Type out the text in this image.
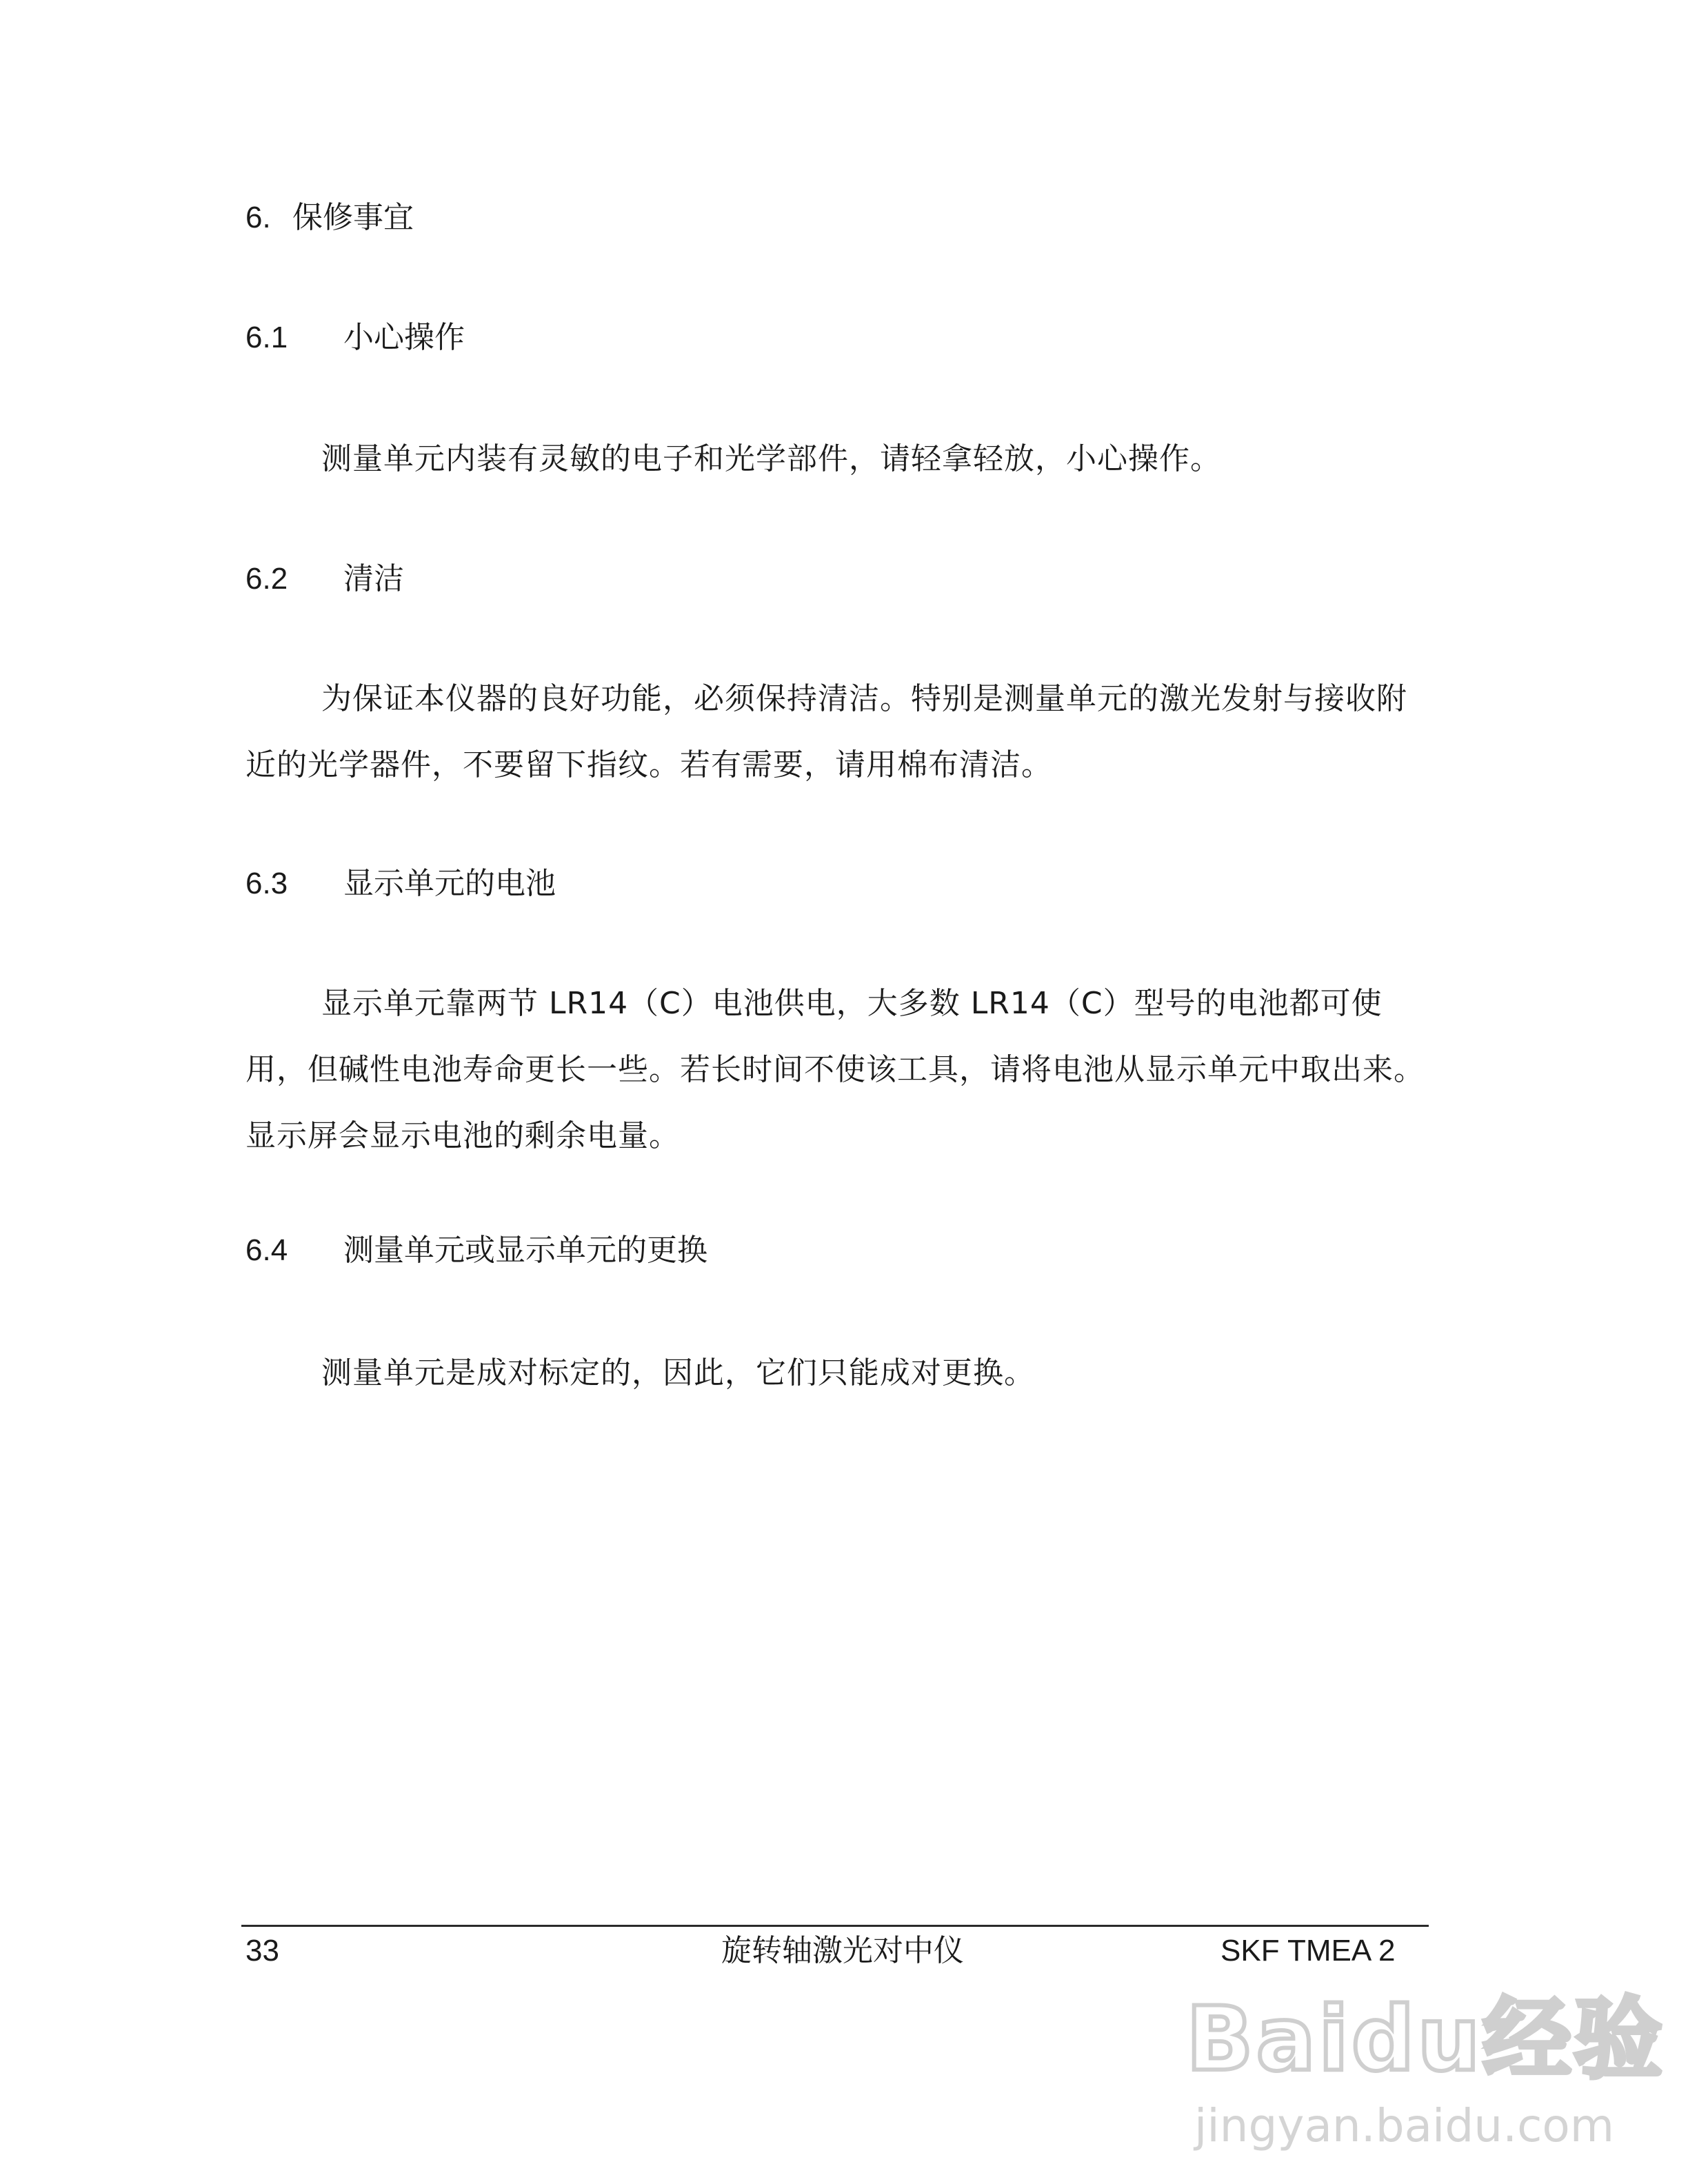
6. 保修事宜
6.1 小心操作
测量单元内装有灵敏的电子和光学部件，请轻拿轻放，小心操作。
6.2 清洁
为保证本仪器的良好功能，必须保持清洁。特别是测量单元的激光发射与接收附近的光学器件，不要留下指纹。若有需要，请用棉布清洁。
6.3 显示单元的电池
显示单元靠两节 LR14（C）电池供电，大多数 LR14（C）型号的电池都可使用，但碱性电池寿命更长一些。若长时间不使该工具，请将电池从显示单元中取出来。显示屏会显示电池的剩余电量。
6.4 测量单元或显示单元的更换
测量单元是成对标定的，因此，它们只能成对更换。
33	旋转轴激光对中仪	SKF TMEA 2
Baidu经验
jingyan.baidu.com
